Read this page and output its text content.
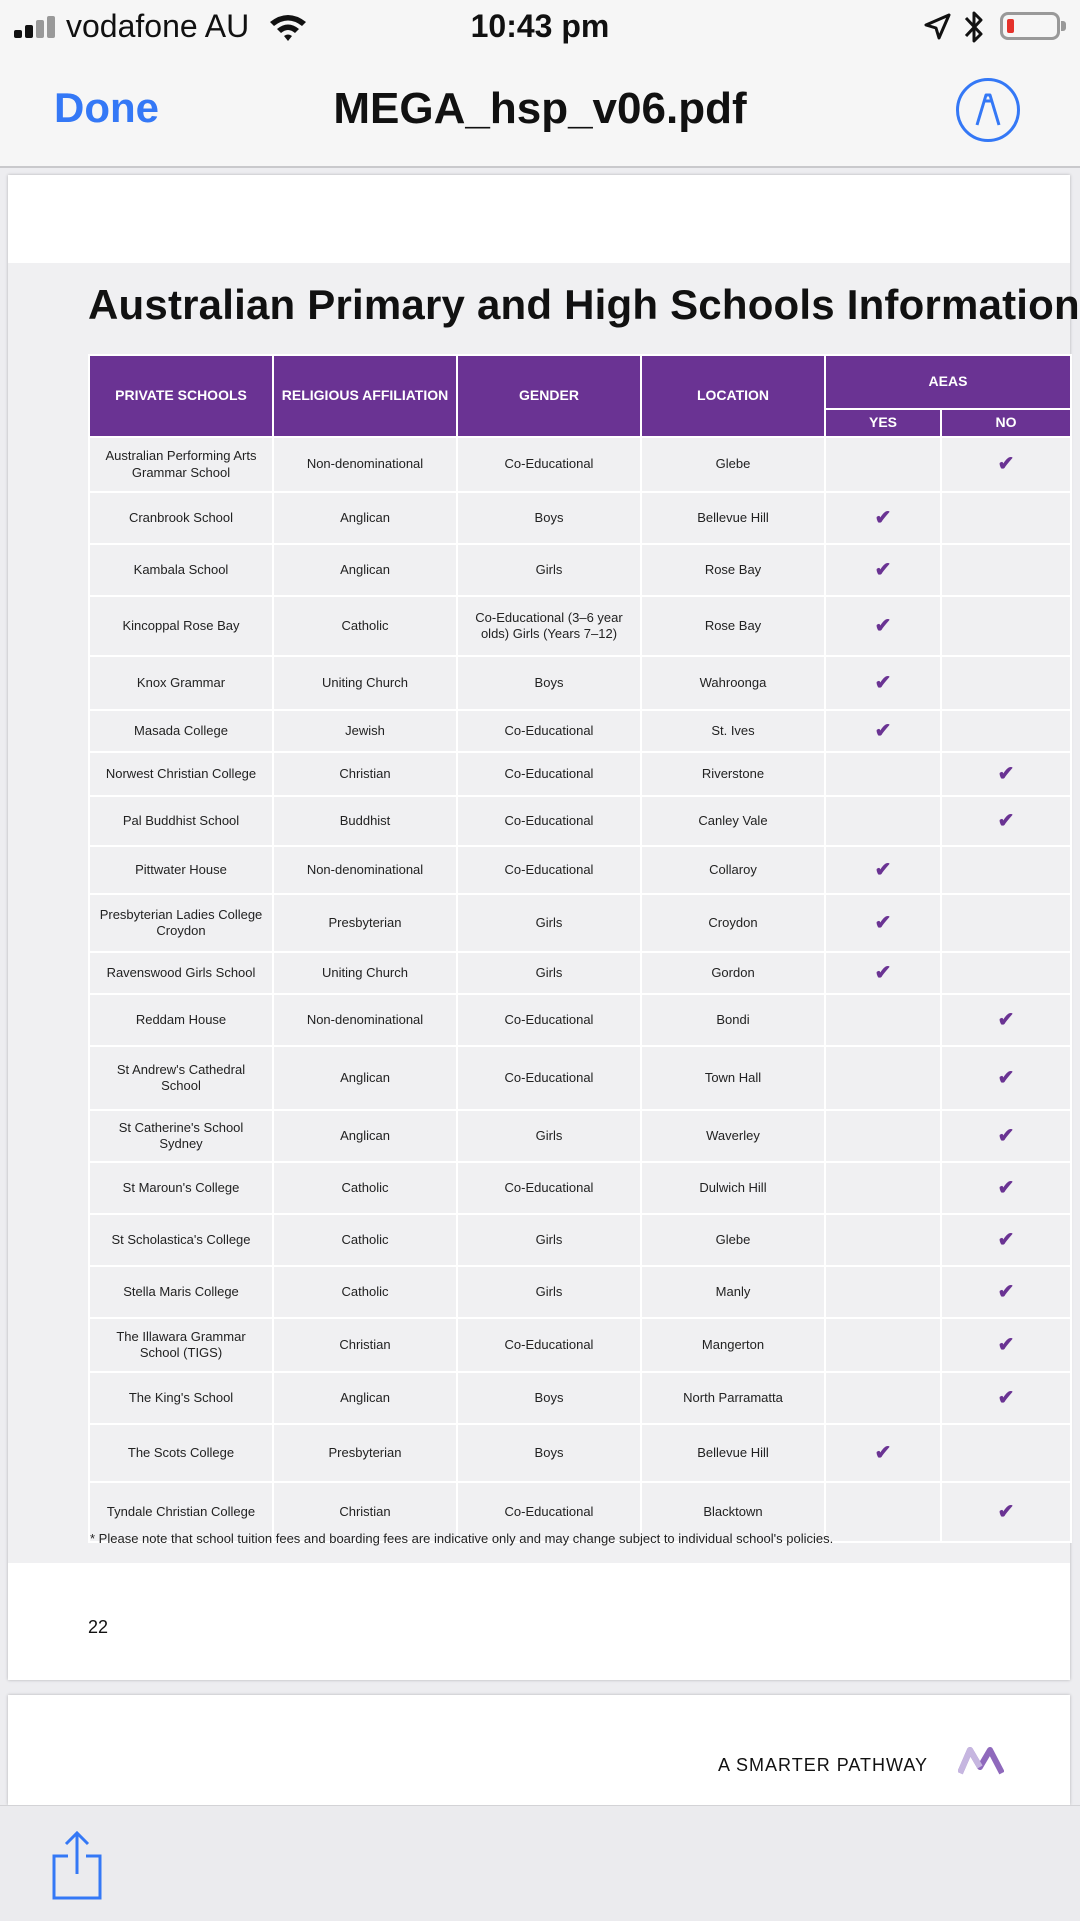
vodafone AU	10:43 pm
Done	MEGA_hsp_v06.pdf
Australian Primary and High Schools Information
PRIVATE SCHOOLS	RELIGIOUS AFFILIATION	GENDER	LOCATION	AEAS	
				YES	NO
Australian Performing Arts Grammar School	Non-denominational	Co-Educational	Glebe		✔
Cranbrook School	Anglican	Boys	Bellevue Hill	✔	
Kambala School	Anglican	Girls	Rose Bay	✔	
Kincoppal Rose Bay	Catholic	Co-Educational (3–6 year olds) Girls (Years 7–12)	Rose Bay	✔	
Knox Grammar	Uniting Church	Boys	Wahroonga	✔	
Masada College	Jewish	Co-Educational	St. Ives	✔	
Norwest Christian College	Christian	Co-Educational	Riverstone		✔
Pal Buddhist School	Buddhist	Co-Educational	Canley Vale		✔
Pittwater House	Non-denominational	Co-Educational	Collaroy	✔	
Presbyterian Ladies College Croydon	Presbyterian	Girls	Croydon	✔	
Ravenswood Girls School	Uniting Church	Girls	Gordon	✔	
Reddam House	Non-denominational	Co-Educational	Bondi		✔
St Andrew's Cathedral School	Anglican	Co-Educational	Town Hall		✔
St Catherine's School Sydney	Anglican	Girls	Waverley		✔
St Maroun's College	Catholic	Co-Educational	Dulwich Hill		✔
St Scholastica's College	Catholic	Girls	Glebe		✔
Stella Maris College	Catholic	Girls	Manly		✔
The Illawara Grammar School (TIGS)	Christian	Co-Educational	Mangerton		✔
The King's School	Anglican	Boys	North Parramatta		✔
The Scots College	Presbyterian	Boys	Bellevue Hill	✔	
Tyndale Christian College	Christian	Co-Educational	Blacktown		✔
* Please note that school tuition fees and boarding fees are indicative only and may change subject to individual school's policies.
22
A SMARTER PATHWAY
